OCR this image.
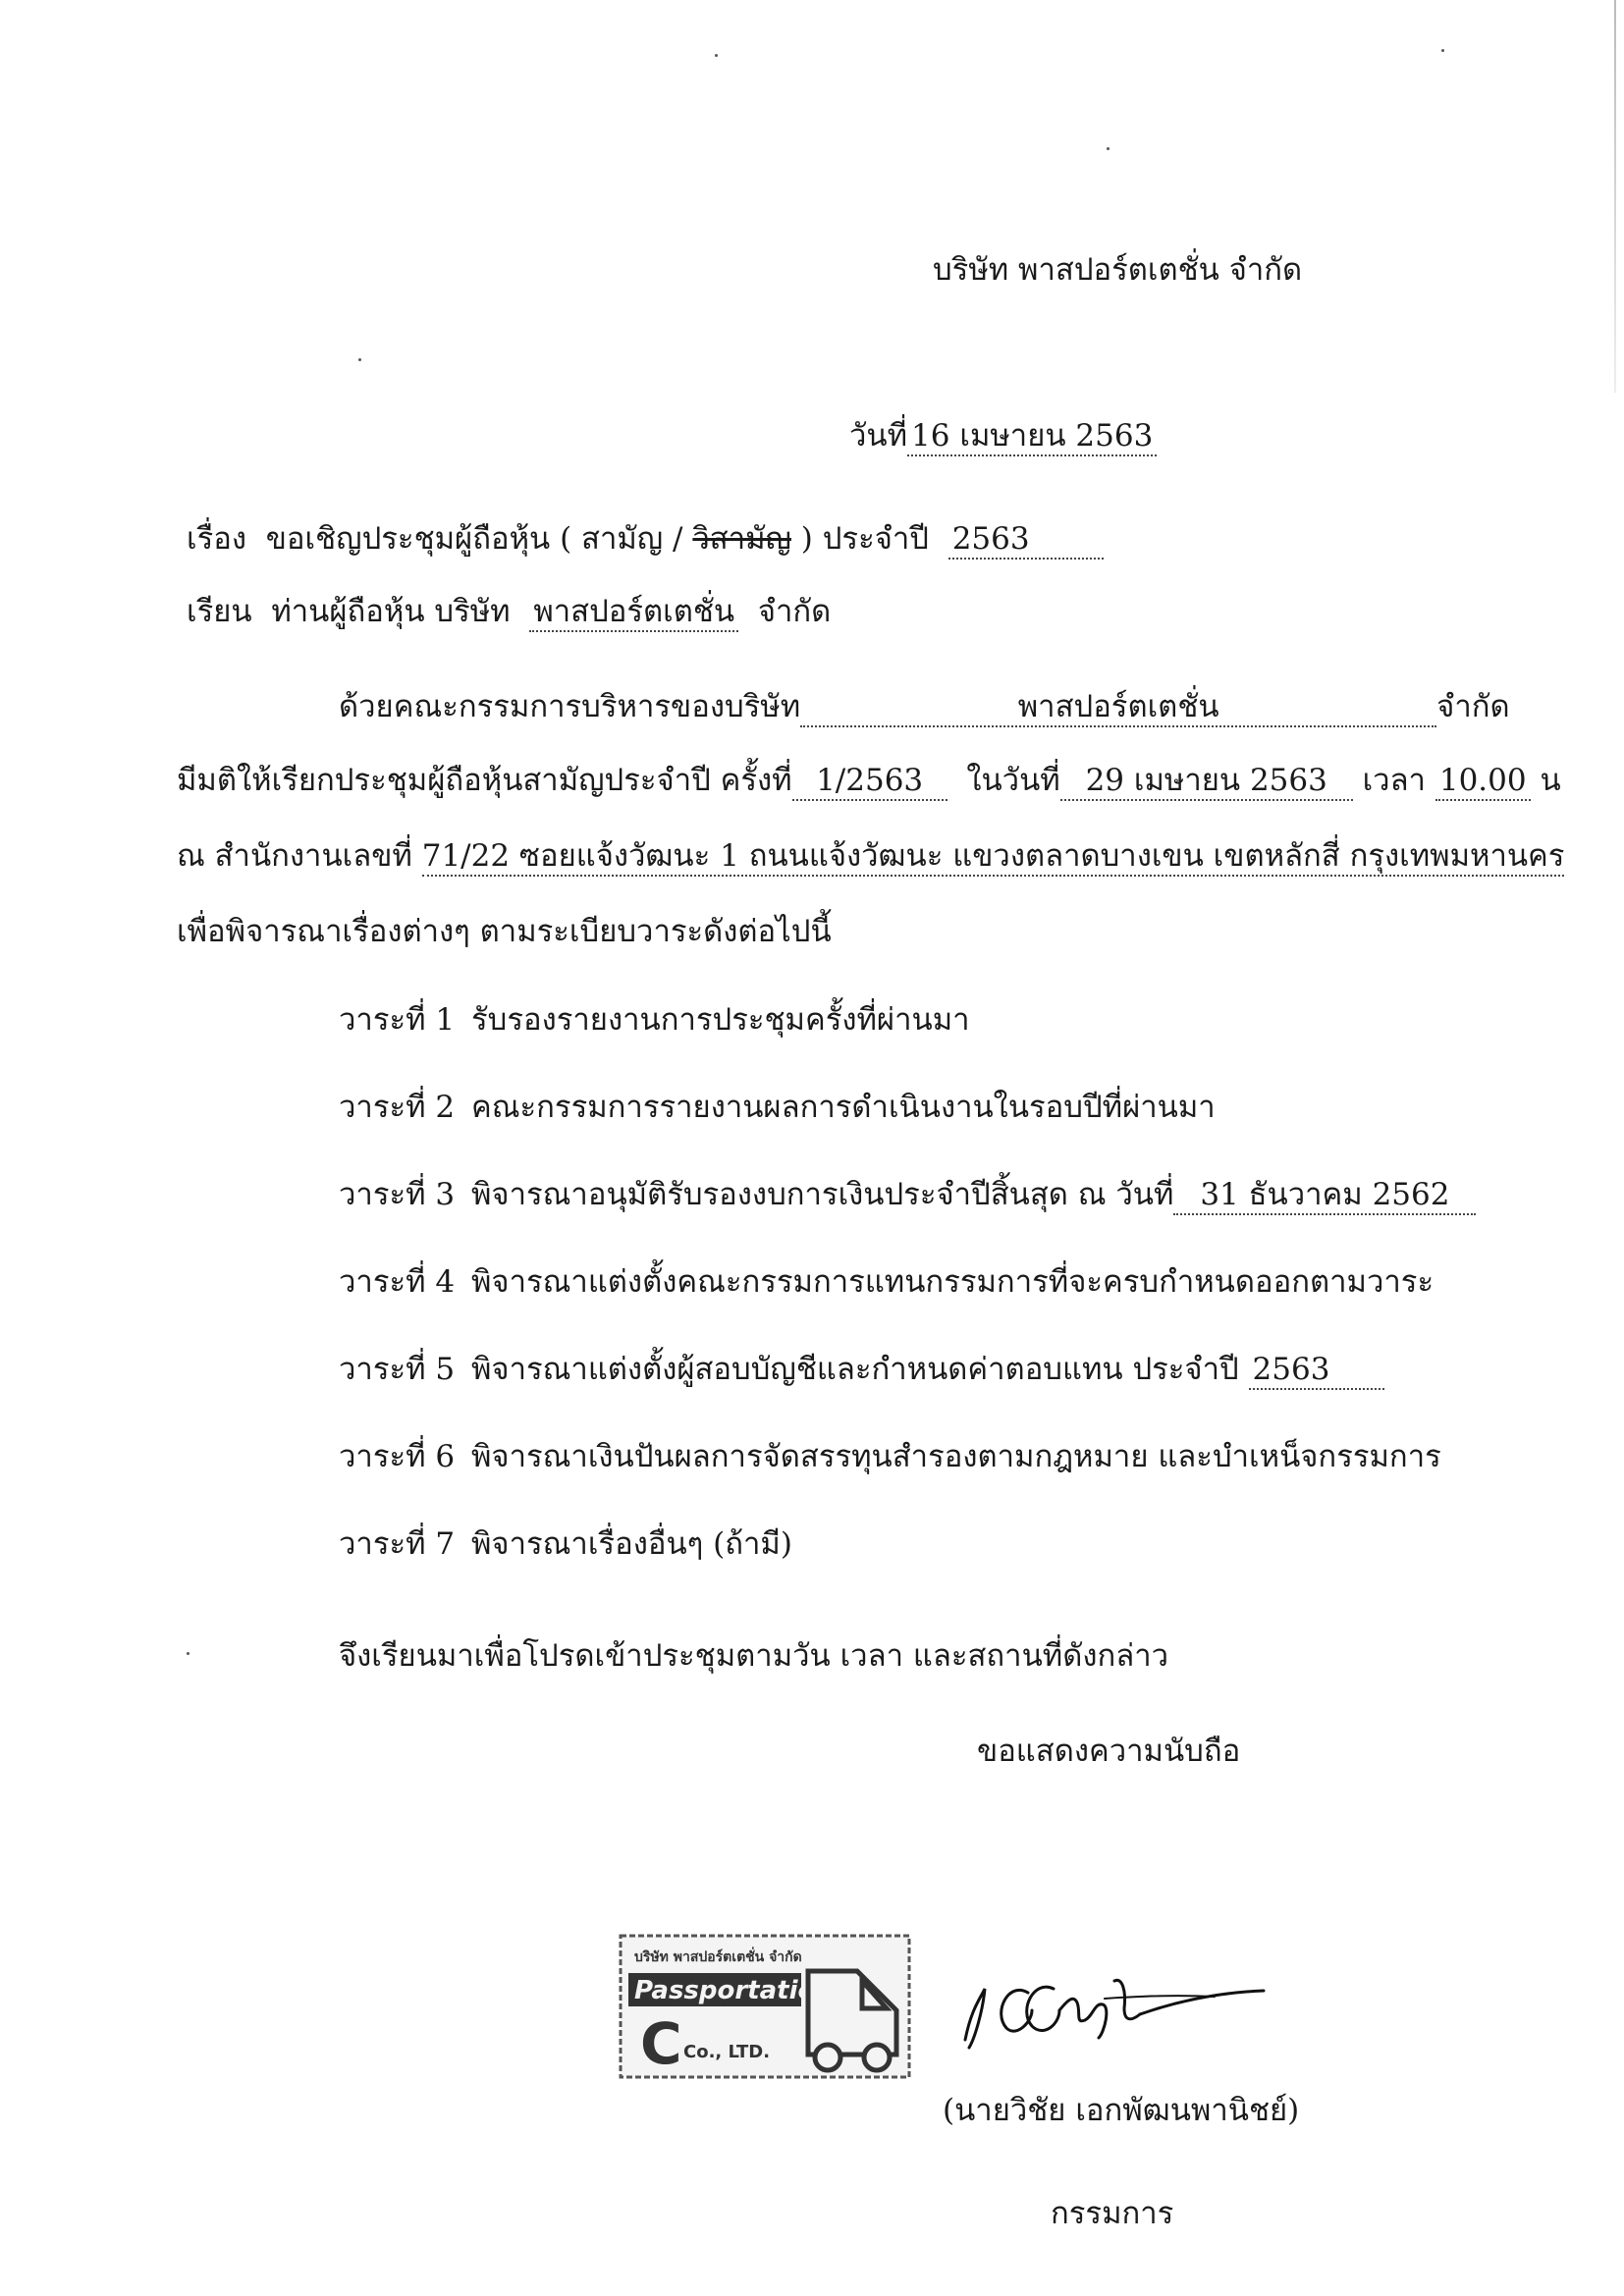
บริษัท พาสปอร์ตเตชั่น จำกัด
วันที่ 16 เมษายน 2563
เรื่อง ขอเชิญประชุมผู้ถือหุ้น ( สามัญ / วิสามัญ ) ประจำปี 2563
เรียน ท่านผู้ถือหุ้น บริษัท พาสปอร์ตเตชั่น จำกัด
ด้วยคณะกรรมการบริหารของบริษัท	พาสปอร์ตเตชั่น	จำกัด
มีมติให้เรียกประชุมผู้ถือหุ้นสามัญประจำปี ครั้งที่ 1/2563 ในวันที่ 29 เมษายน 2563 เวลา 10.00 น
ณ สำนักงานเลขที่ 71/22 ซอยแจ้งวัฒนะ 1 ถนนแจ้งวัฒนะ แขวงตลาดบางเขน เขตหลักสี่ กรุงเทพมหานคร
เพื่อพิจารณาเรื่องต่างๆ ตามระเบียบวาระดังต่อไปนี้
วาระที่ 1 รับรองรายงานการประชุมครั้งที่ผ่านมา
วาระที่ 2 คณะกรรมการรายงานผลการดำเนินงานในรอบปีที่ผ่านมา
วาระที่ 3 พิจารณาอนุมัติรับรองงบการเงินประจำปีสิ้นสุด ณ วันที่ 31 ธันวาคม 2562
วาระที่ 4 พิจารณาแต่งตั้งคณะกรรมการแทนกรรมการที่จะครบกำหนดออกตามวาระ
วาระที่ 5 พิจารณาแต่งตั้งผู้สอบบัญชีและกำหนดค่าตอบแทน ประจำปี 2563
วาระที่ 6 พิจารณาเงินปันผลการจัดสรรทุนสำรองตามกฎหมาย และบำเหน็จกรรมการ
วาระที่ 7 พิจารณาเรื่องอื่นๆ (ถ้ามี)
จึงเรียนมาเพื่อโปรดเข้าประชุมตามวัน เวลา และสถานที่ดังกล่าว
ขอแสดงความนับถือ
บริษัท พาสปอร์ตเตชั่น จำกัด
Passportation
C Co., LTD.
(นายวิชัย เอกพัฒนพานิชย์)
กรรมการ
